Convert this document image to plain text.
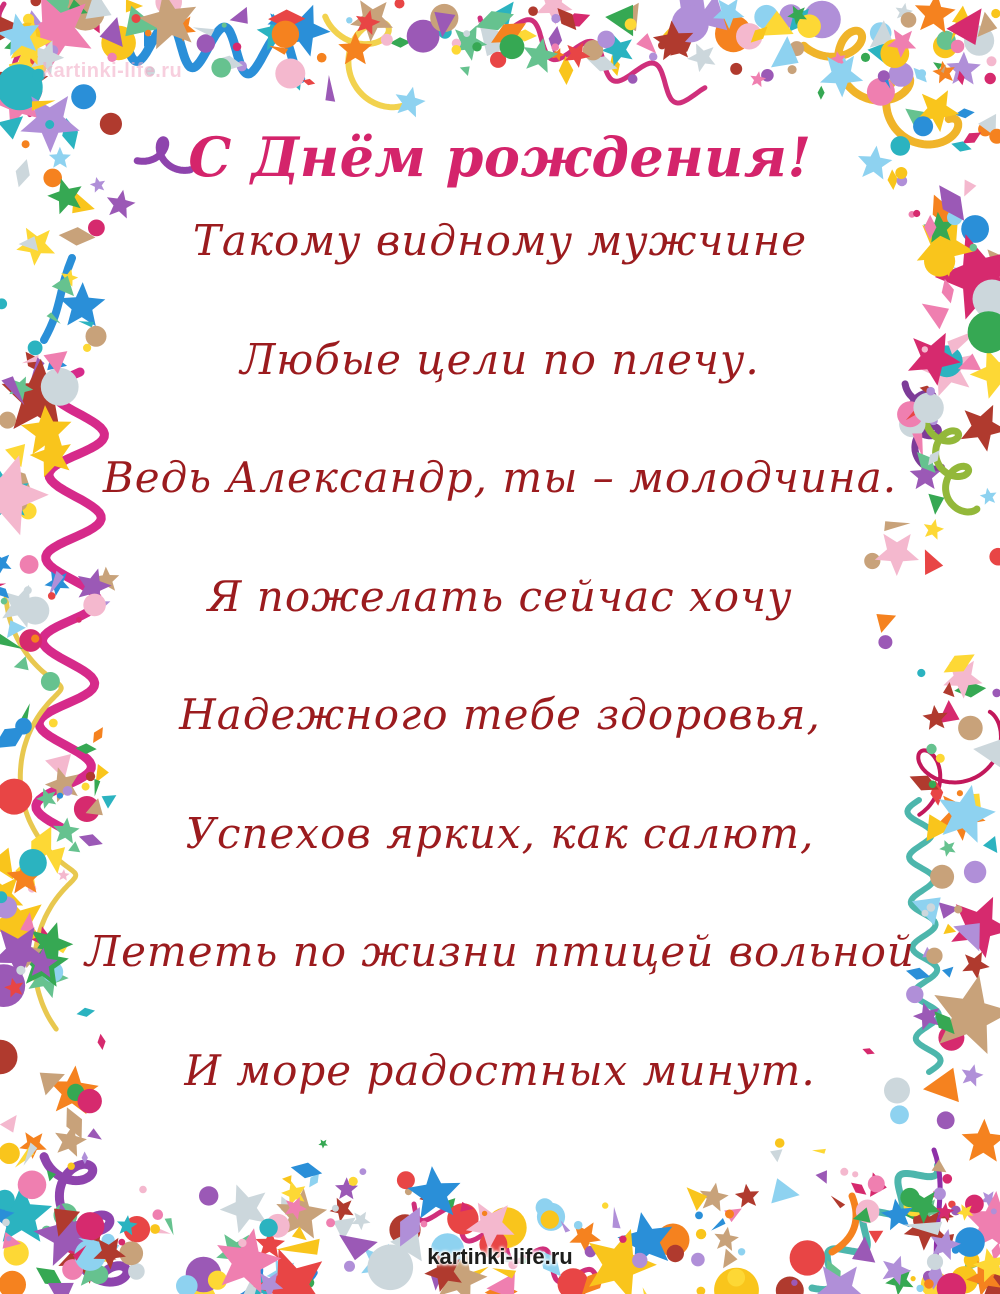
kartinki-life.ru
С Днём рождения!
Такому видному мужчине
Любые цели по плечу.
Ведь Александр, ты – молодчина.
Я пожелать сейчас хочу
Надежного тебе здоровья,
Успехов ярких, как салют,
Лететь по жизни птицей вольной
И море радостных минут.
kartinki-life.ru
